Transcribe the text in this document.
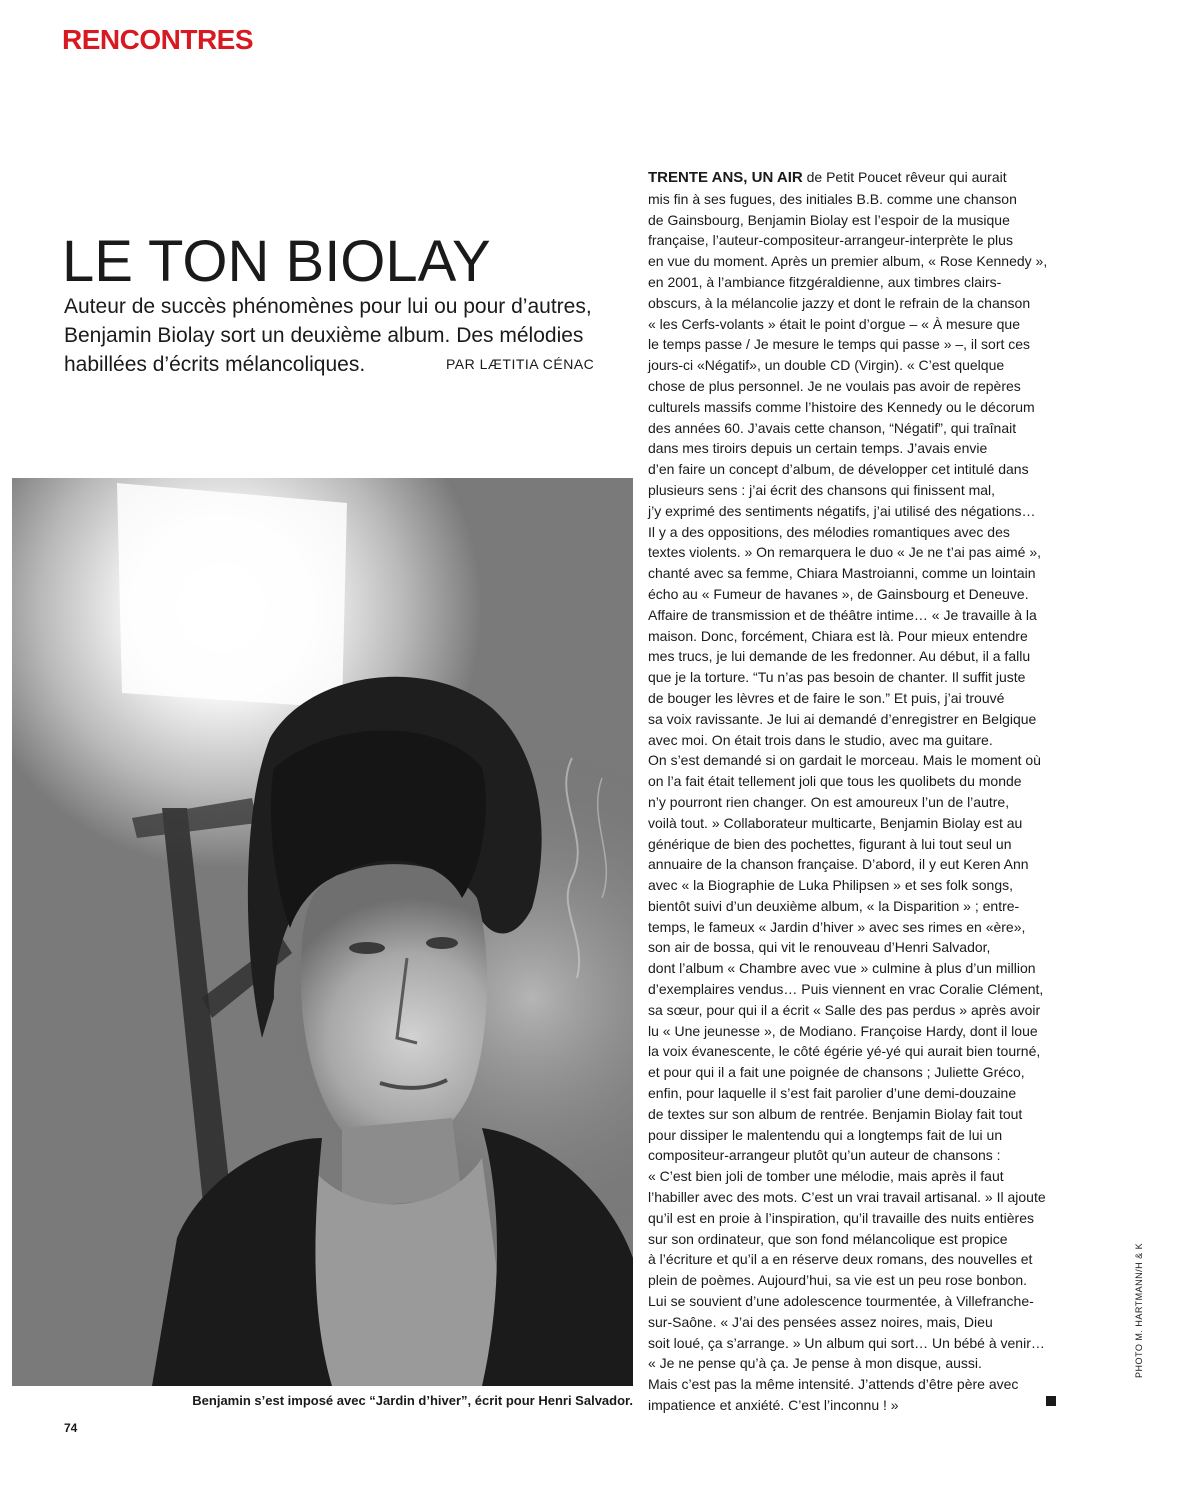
RENCONTRES
LE TON BIOLAY
Auteur de succès phénomènes pour lui ou pour d’autres, Benjamin Biolay sort un deuxième album. Des mélodies habillées d’écrits mélancoliques.	PAR LÆTITIA CÉNAC
Benjamin s’est imposé avec “Jardin d’hiver”, écrit pour Henri Salvador.
TRENTE ANS, UN AIR de Petit Poucet rêveur qui aurait
mis fin à ses fugues, des initiales B.B. comme une chanson
de Gainsbourg, Benjamin Biolay est l’espoir de la musique
française, l’auteur-compositeur-arrangeur-interprète le plus
en vue du moment. Après un premier album, « Rose Kennedy »,
en 2001, à l’ambiance fitzgéraldienne, aux timbres clairs-
obscurs, à la mélancolie jazzy et dont le refrain de la chanson
« les Cerfs-volants » était le point d’orgue – « À mesure que
le temps passe / Je mesure le temps qui passe » –, il sort ces
jours-ci «Négatif», un double CD (Virgin). « C’est quelque
chose de plus personnel. Je ne voulais pas avoir de repères
culturels massifs comme l’histoire des Kennedy ou le décorum
des années 60. J’avais cette chanson, “Négatif”, qui traînait
dans mes tiroirs depuis un certain temps. J’avais envie
d’en faire un concept d’album, de développer cet intitulé dans
plusieurs sens : j’ai écrit des chansons qui finissent mal,
j’y exprimé des sentiments négatifs, j’ai utilisé des négations…
Il y a des oppositions, des mélodies romantiques avec des
textes violents. » On remarquera le duo « Je ne t’ai pas aimé »,
chanté avec sa femme, Chiara Mastroianni, comme un lointain
écho au « Fumeur de havanes », de Gainsbourg et Deneuve.
Affaire de transmission et de théâtre intime… « Je travaille à la
maison. Donc, forcément, Chiara est là. Pour mieux entendre
mes trucs, je lui demande de les fredonner. Au début, il a fallu
que je la torture. “Tu n’as pas besoin de chanter. Il suffit juste
de bouger les lèvres et de faire le son.” Et puis, j’ai trouvé
sa voix ravissante. Je lui ai demandé d’enregistrer en Belgique
avec moi. On était trois dans le studio, avec ma guitare.
On s’est demandé si on gardait le morceau. Mais le moment où
on l’a fait était tellement joli que tous les quolibets du monde
n’y pourront rien changer. On est amoureux l’un de l’autre,
voilà tout. » Collaborateur multicarte, Benjamin Biolay est au
générique de bien des pochettes, figurant à lui tout seul un
annuaire de la chanson française. D’abord, il y eut Keren Ann
avec « la Biographie de Luka Philipsen » et ses folk songs,
bientôt suivi d’un deuxième album, « la Disparition » ; entre-
temps, le fameux « Jardin d’hiver » avec ses rimes en «ère»,
son air de bossa, qui vit le renouveau d’Henri Salvador,
dont l’album « Chambre avec vue » culmine à plus d’un million
d’exemplaires vendus… Puis viennent en vrac Coralie Clément,
sa sœur, pour qui il a écrit « Salle des pas perdus » après avoir
lu « Une jeunesse », de Modiano. Françoise Hardy, dont il loue
la voix évanescente, le côté égérie yé-yé qui aurait bien tourné,
et pour qui il a fait une poignée de chansons ; Juliette Gréco,
enfin, pour laquelle il s’est fait parolier d’une demi-douzaine
de textes sur son album de rentrée. Benjamin Biolay fait tout
pour dissiper le malentendu qui a longtemps fait de lui un
compositeur-arrangeur plutôt qu’un auteur de chansons :
« C’est bien joli de tomber une mélodie, mais après il faut
l’habiller avec des mots. C’est un vrai travail artisanal. » Il ajoute
qu’il est en proie à l’inspiration, qu’il travaille des nuits entières
sur son ordinateur, que son fond mélancolique est propice
à l’écriture et qu’il a en réserve deux romans, des nouvelles et
plein de poèmes. Aujourd’hui, sa vie est un peu rose bonbon.
Lui se souvient d’une adolescence tourmentée, à Villefranche-
sur-Saône. « J’ai des pensées assez noires, mais, Dieu
soit loué, ça s’arrange. » Un album qui sort… Un bébé à venir…
« Je ne pense qu’à ça. Je pense à mon disque, aussi.
Mais c’est pas la même intensité. J’attends d’être père avec
impatience et anxiété. C’est l’inconnu ! »
PHOTO M. HARTMANN/H & K
74
